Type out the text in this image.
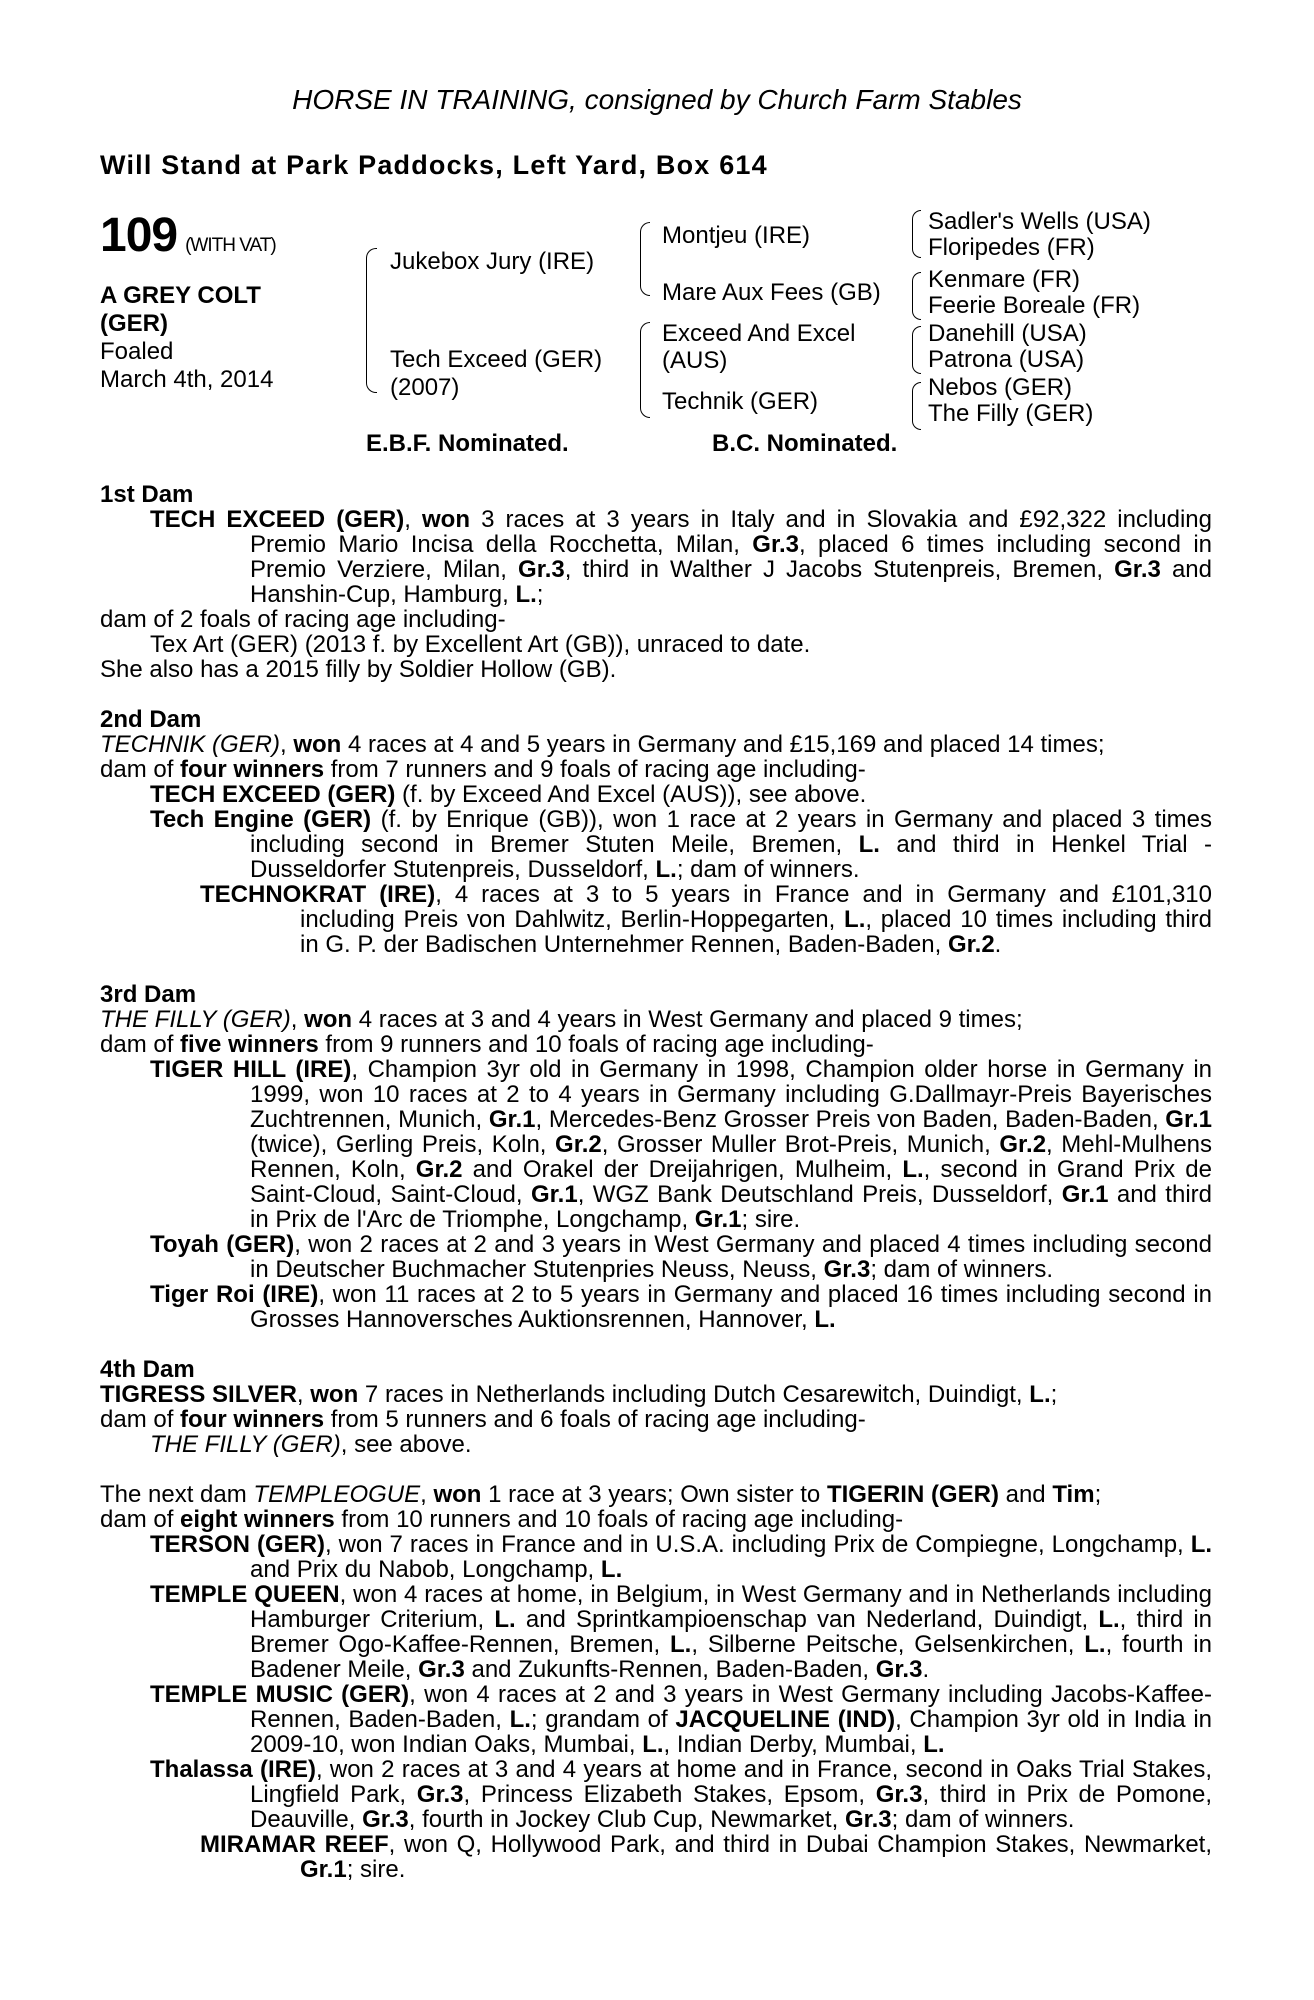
HORSE IN TRAINING, consigned by Church Farm Stables
Will Stand at Park Paddocks, Left Yard, Box 614
109 (WITH VAT)
A GREY COLT
(GER)
Foaled
March 4th, 2014
Jukebox Jury (IRE)
Tech Exceed (GER)
(2007)
Montjeu (IRE)
Mare Aux Fees (GB)
Exceed And Excel
(AUS)
Technik (GER)
Sadler's Wells (USA)
Floripedes (FR)
Kenmare (FR)
Feerie Boreale (FR)
Danehill (USA)
Patrona (USA)
Nebos (GER)
The Filly (GER)
E.B.F. Nominated.	B.C. Nominated.
1st Dam
TECH EXCEED (GER), won 3 races at 3 years in Italy and in Slovakia and £92,322 including Premio Mario Incisa della Rocchetta, Milan, Gr.3, placed 6 times including second in Premio Verziere, Milan, Gr.3, third in Walther J Jacobs Stutenpreis, Bremen, Gr.3 and Hanshin-Cup, Hamburg, L.;
dam of 2 foals of racing age including-
Tex Art (GER) (2013 f. by Excellent Art (GB)), unraced to date.
She also has a 2015 filly by Soldier Hollow (GB).
2nd Dam
TECHNIK (GER), won 4 races at 4 and 5 years in Germany and £15,169 and placed 14 times;
dam of four winners from 7 runners and 9 foals of racing age including-
TECH EXCEED (GER) (f. by Exceed And Excel (AUS)), see above.
Tech Engine (GER) (f. by Enrique (GB)), won 1 race at 2 years in Germany and placed 3 times including second in Bremer Stuten Meile, Bremen, L. and third in Henkel Trial - Dusseldorfer Stutenpreis, Dusseldorf, L.; dam of winners.
TECHNOKRAT (IRE), 4 races at 3 to 5 years in France and in Germany and £101,310 including Preis von Dahlwitz, Berlin-Hoppegarten, L., placed 10 times including third in G. P. der Badischen Unternehmer Rennen, Baden-Baden, Gr.2.
3rd Dam
THE FILLY (GER), won 4 races at 3 and 4 years in West Germany and placed 9 times;
dam of five winners from 9 runners and 10 foals of racing age including-
TIGER HILL (IRE), Champion 3yr old in Germany in 1998, Champion older horse in Germany in 1999, won 10 races at 2 to 4 years in Germany including G.Dallmayr-Preis Bayerisches Zuchtrennen, Munich, Gr.1, Mercedes-Benz Grosser Preis von Baden, Baden-Baden, Gr.1 (twice), Gerling Preis, Koln, Gr.2, Grosser Muller Brot-Preis, Munich, Gr.2, Mehl-Mulhens Rennen, Koln, Gr.2 and Orakel der Dreijahrigen, Mulheim, L., second in Grand Prix de Saint-Cloud, Saint-Cloud, Gr.1, WGZ Bank Deutschland Preis, Dusseldorf, Gr.1 and third in Prix de l'Arc de Triomphe, Longchamp, Gr.1; sire.
Toyah (GER), won 2 races at 2 and 3 years in West Germany and placed 4 times including second in Deutscher Buchmacher Stutenpries Neuss, Neuss, Gr.3; dam of winners.
Tiger Roi (IRE), won 11 races at 2 to 5 years in Germany and placed 16 times including second in Grosses Hannoversches Auktionsrennen, Hannover, L.
4th Dam
TIGRESS SILVER, won 7 races in Netherlands including Dutch Cesarewitch, Duindigt, L.;
dam of four winners from 5 runners and 6 foals of racing age including-
THE FILLY (GER), see above.
The next dam TEMPLEOGUE, won 1 race at 3 years; Own sister to TIGERIN (GER) and Tim;
dam of eight winners from 10 runners and 10 foals of racing age including-
TERSON (GER), won 7 races in France and in U.S.A. including Prix de Compiegne, Longchamp, L. and Prix du Nabob, Longchamp, L.
TEMPLE QUEEN, won 4 races at home, in Belgium, in West Germany and in Netherlands including Hamburger Criterium, L. and Sprintkampioenschap van Nederland, Duindigt, L., third in Bremer Ogo-Kaffee-Rennen, Bremen, L., Silberne Peitsche, Gelsenkirchen, L., fourth in Badener Meile, Gr.3 and Zukunfts-Rennen, Baden-Baden, Gr.3.
TEMPLE MUSIC (GER), won 4 races at 2 and 3 years in West Germany including Jacobs-Kaffee-Rennen, Baden-Baden, L.; grandam of JACQUELINE (IND), Champion 3yr old in India in 2009-10, won Indian Oaks, Mumbai, L., Indian Derby, Mumbai, L.
Thalassa (IRE), won 2 races at 3 and 4 years at home and in France, second in Oaks Trial Stakes, Lingfield Park, Gr.3, Princess Elizabeth Stakes, Epsom, Gr.3, third in Prix de Pomone, Deauville, Gr.3, fourth in Jockey Club Cup, Newmarket, Gr.3; dam of winners.
MIRAMAR REEF, won Q, Hollywood Park, and third in Dubai Champion Stakes, Newmarket, Gr.1; sire.
